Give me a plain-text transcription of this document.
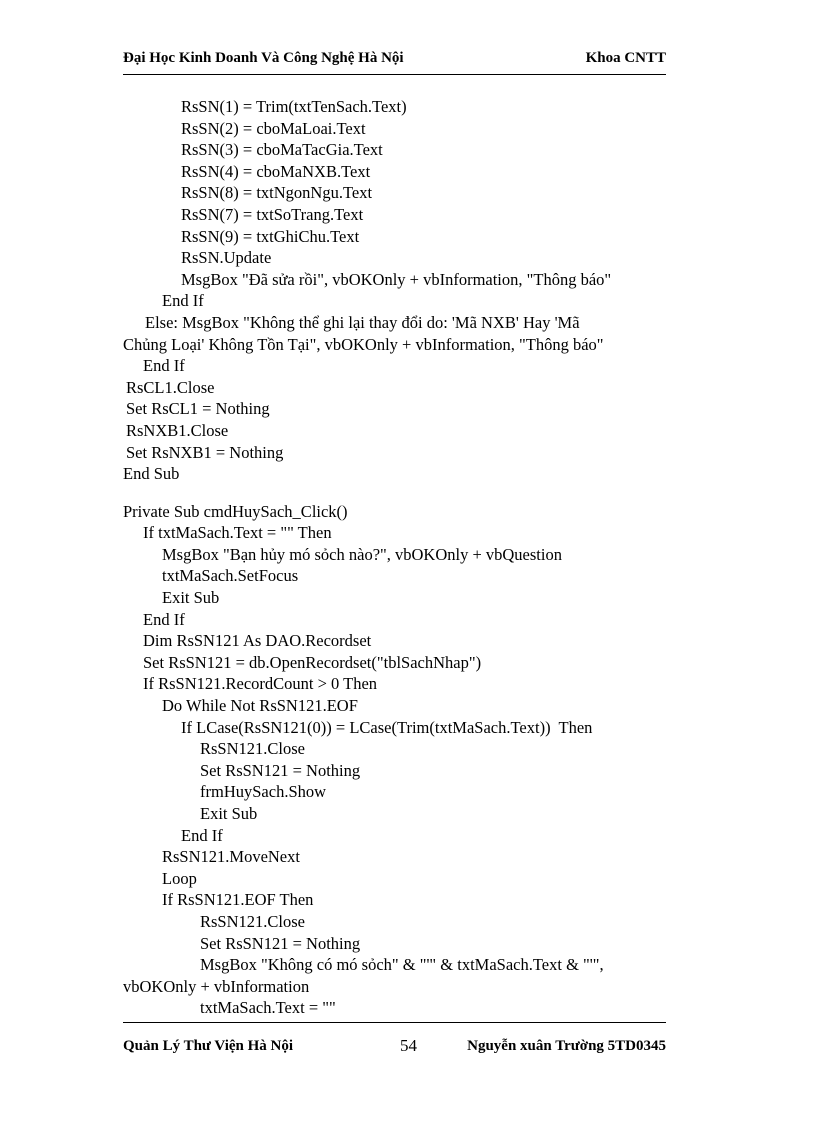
Đại Học Kinh Doanh Và Công Nghệ Hà Nội	Khoa CNTT
RsSN(1) = Trim(txtTenSach.Text)
RsSN(2) = cboMaLoai.Text
RsSN(3) = cboMaTacGia.Text
RsSN(4) = cboMaNXB.Text
RsSN(8) = txtNgonNgu.Text
RsSN(7) = txtSoTrang.Text
RsSN(9) = txtGhiChu.Text
RsSN.Update
MsgBox "Đã sửa rồi", vbOKOnly + vbInformation, "Thông báo"
End If
Else: MsgBox "Không thể ghi lại thay đổi do: 'Mã NXB' Hay 'Mã
Chủng Loại' Không Tồn Tại", vbOKOnly + vbInformation, "Thông báo"
End If
RsCL1.Close
Set RsCL1 = Nothing
RsNXB1.Close
Set RsNXB1 = Nothing
End Sub
Private Sub cmdHuySach_Click()
If txtMaSach.Text = "" Then
MsgBox "Bạn hủy mó sỏch nào?", vbOKOnly + vbQuestion
txtMaSach.SetFocus
Exit Sub
End If
Dim RsSN121 As DAO.Recordset
Set RsSN121 = db.OpenRecordset("tblSachNhap")
If RsSN121.RecordCount > 0 Then
Do While Not RsSN121.EOF
If LCase(RsSN121(0)) = LCase(Trim(txtMaSach.Text))  Then
RsSN121.Close
Set RsSN121 = Nothing
frmHuySach.Show
Exit Sub
End If
RsSN121.MoveNext
Loop
If RsSN121.EOF Then
RsSN121.Close
Set RsSN121 = Nothing
MsgBox "Không có mó sỏch" & "'" & txtMaSach.Text & "'",
vbOKOnly + vbInformation
txtMaSach.Text = ""
Quản Lý Thư Viện Hà Nội	54	Nguyễn xuân Trường 5TD0345
